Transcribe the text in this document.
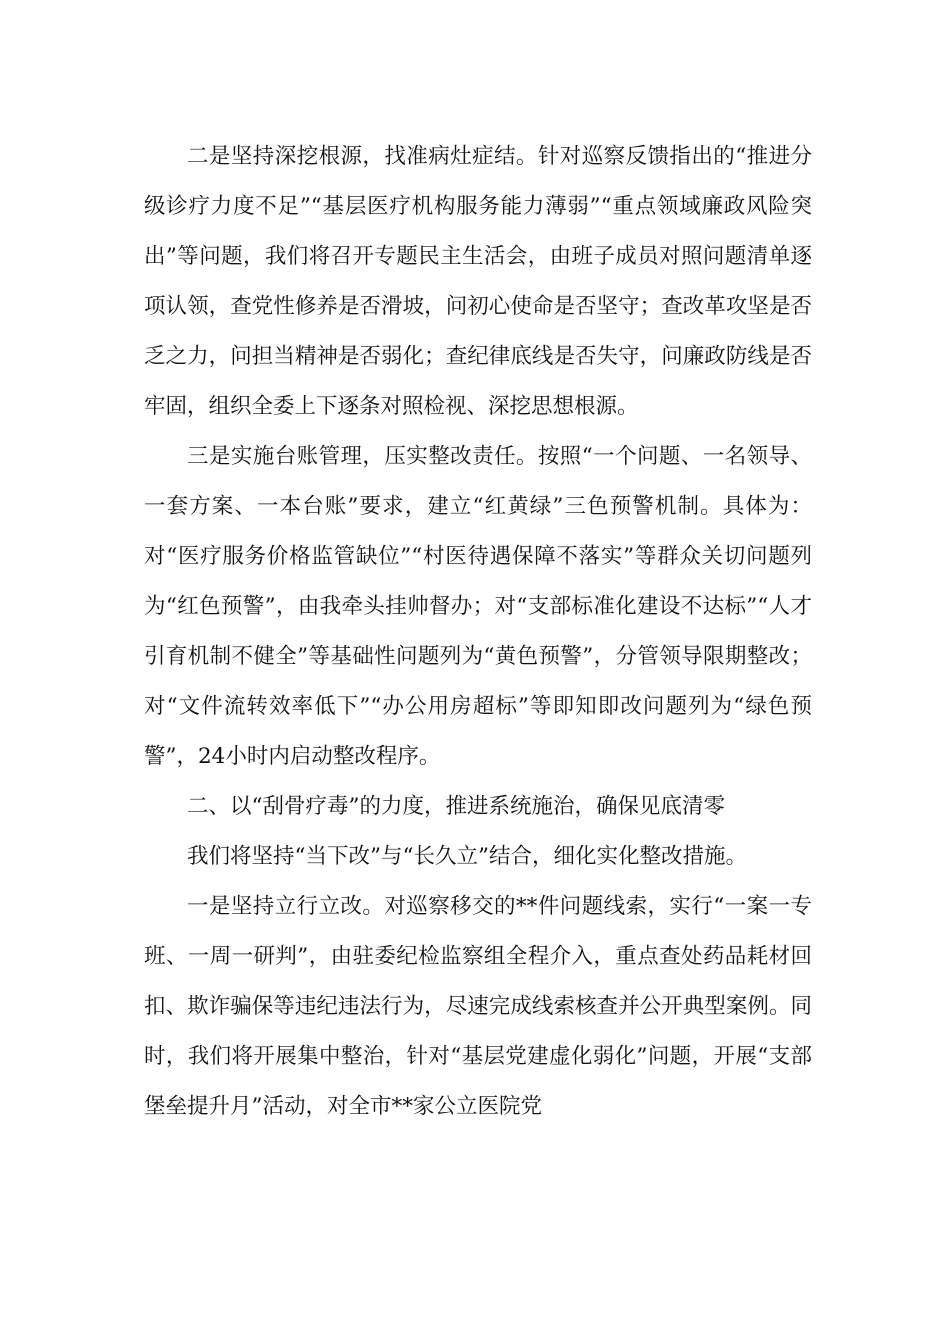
二是坚持深挖根源，找准病灶症结。针对巡察反馈指出的“推进分级诊疗力度不足”“基层医疗机构服务能力薄弱”“重点领域廉政风险突出”等问题，我们将召开专题民主生活会，由班子成员对照问题清单逐项认领，查党性修养是否滑坡，问初心使命是否坚守；查改革攻坚是否乏之力，问担当精神是否弱化；查纪律底线是否失守，问廉政防线是否牢固，组织全委上下逐条对照检视、深挖思想根源。

三是实施台账管理，压实整改责任。按照“一个问题、一名领导、一套方案、一本台账”要求，建立“红黄绿”三色预警机制。具体为：对“医疗服务价格监管缺位”“村医待遇保障不落实”等群众关切问题列为“红色预警”，由我牵头挂帅督办；对“支部标准化建设不达标”“人才引育机制不健全”等基础性问题列为“黄色预警”，分管领导限期整改；对“文件流转效率低下”“办公用房超标”等即知即改问题列为“绿色预警”，24小时内启动整改程序。

二、以“刮骨疗毒”的力度，推进系统施治，确保见底清零

我们将坚持“当下改”与“长久立”结合，细化实化整改措施。

一是坚持立行立改。对巡察移交的**件问题线索，实行“一案一专班、一周一研判”，由驻委纪检监察组全程介入，重点查处药品耗材回扣、欺诈骗保等违纪违法行为，尽速完成线索核查并公开典型案例。同时，我们将开展集中整治，针对“基层党建虚化弱化”问题，开展“支部堡垒提升月”活动，对全市**家公立医院党
